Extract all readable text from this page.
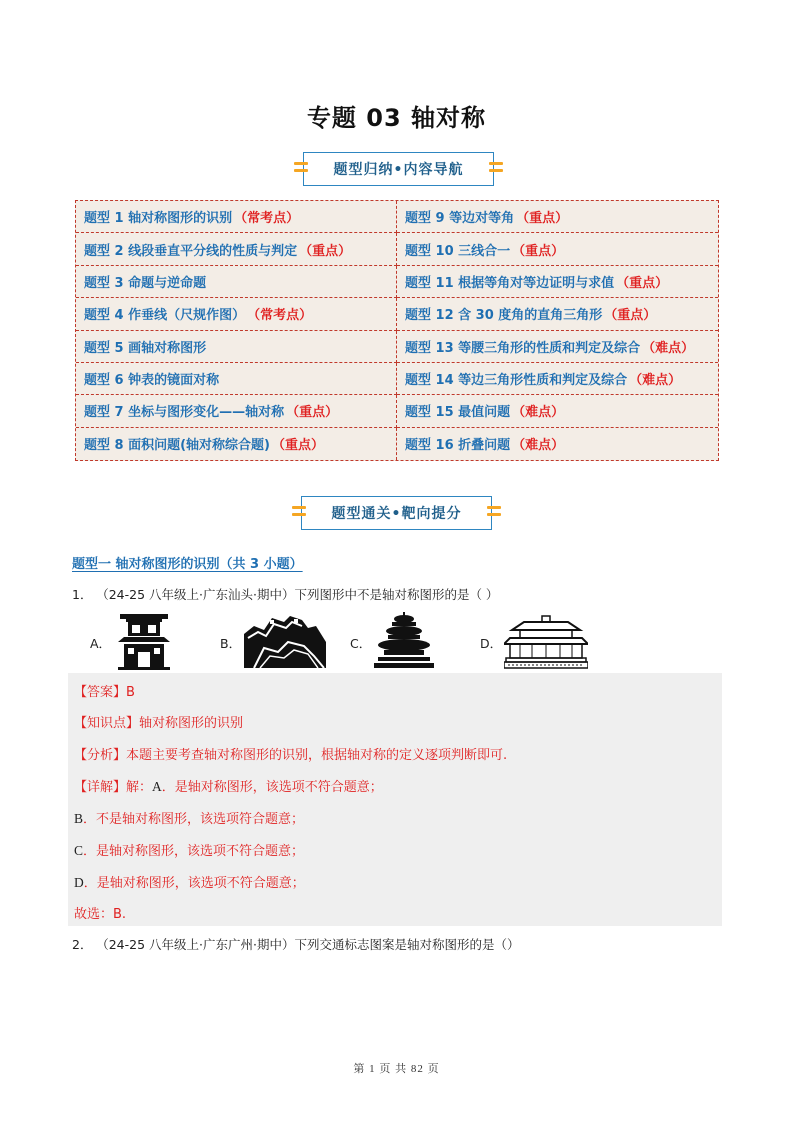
专题 03 轴对称
题型归纳•内容导航
题型 1 轴对称图形的识别 （常考点）	题型 9 等边对等角 （重点）
题型 2 线段垂直平分线的性质与判定 （重点）	题型 10 三线合一 （重点）
题型 3 命题与逆命题	题型 11 根据等角对等边证明与求值 （重点）
题型 4 作垂线（尺规作图） （常考点）	题型 12 含 30 度角的直角三角形 （重点）
题型 5 画轴对称图形	题型 13 等腰三角形的性质和判定及综合 （难点）
题型 6 钟表的镜面对称	题型 14 等边三角形性质和判定及综合 （难点）
题型 7 坐标与图形变化——轴对称 （重点）	题型 15 最值问题 （难点）
题型 8 面积问题(轴对称综合题) （重点）	题型 16 折叠问题 （难点）
题型通关•靶向提分
题型一 轴对称图形的识别（共 3 小题）
1． （24-25 八年级上·广东汕头·期中）下列图形中不是轴对称图形的是（ ）
A．	B．	C．	D．
【答案】B
【知识点】轴对称图形的识别
【分析】本题主要考查轴对称图形的识别，根据轴对称的定义逐项判断即可.
【详解】解：A．是轴对称图形，该选项不符合题意；
B．不是轴对称图形，该选项符合题意；
C．是轴对称图形，该选项不符合题意；
D．是轴对称图形，该选项不符合题意；
故选：B.
2． （24-25 八年级上·广东广州·期中）下列交通标志图案是轴对称图形的是（）
第 1 页 共 82 页
